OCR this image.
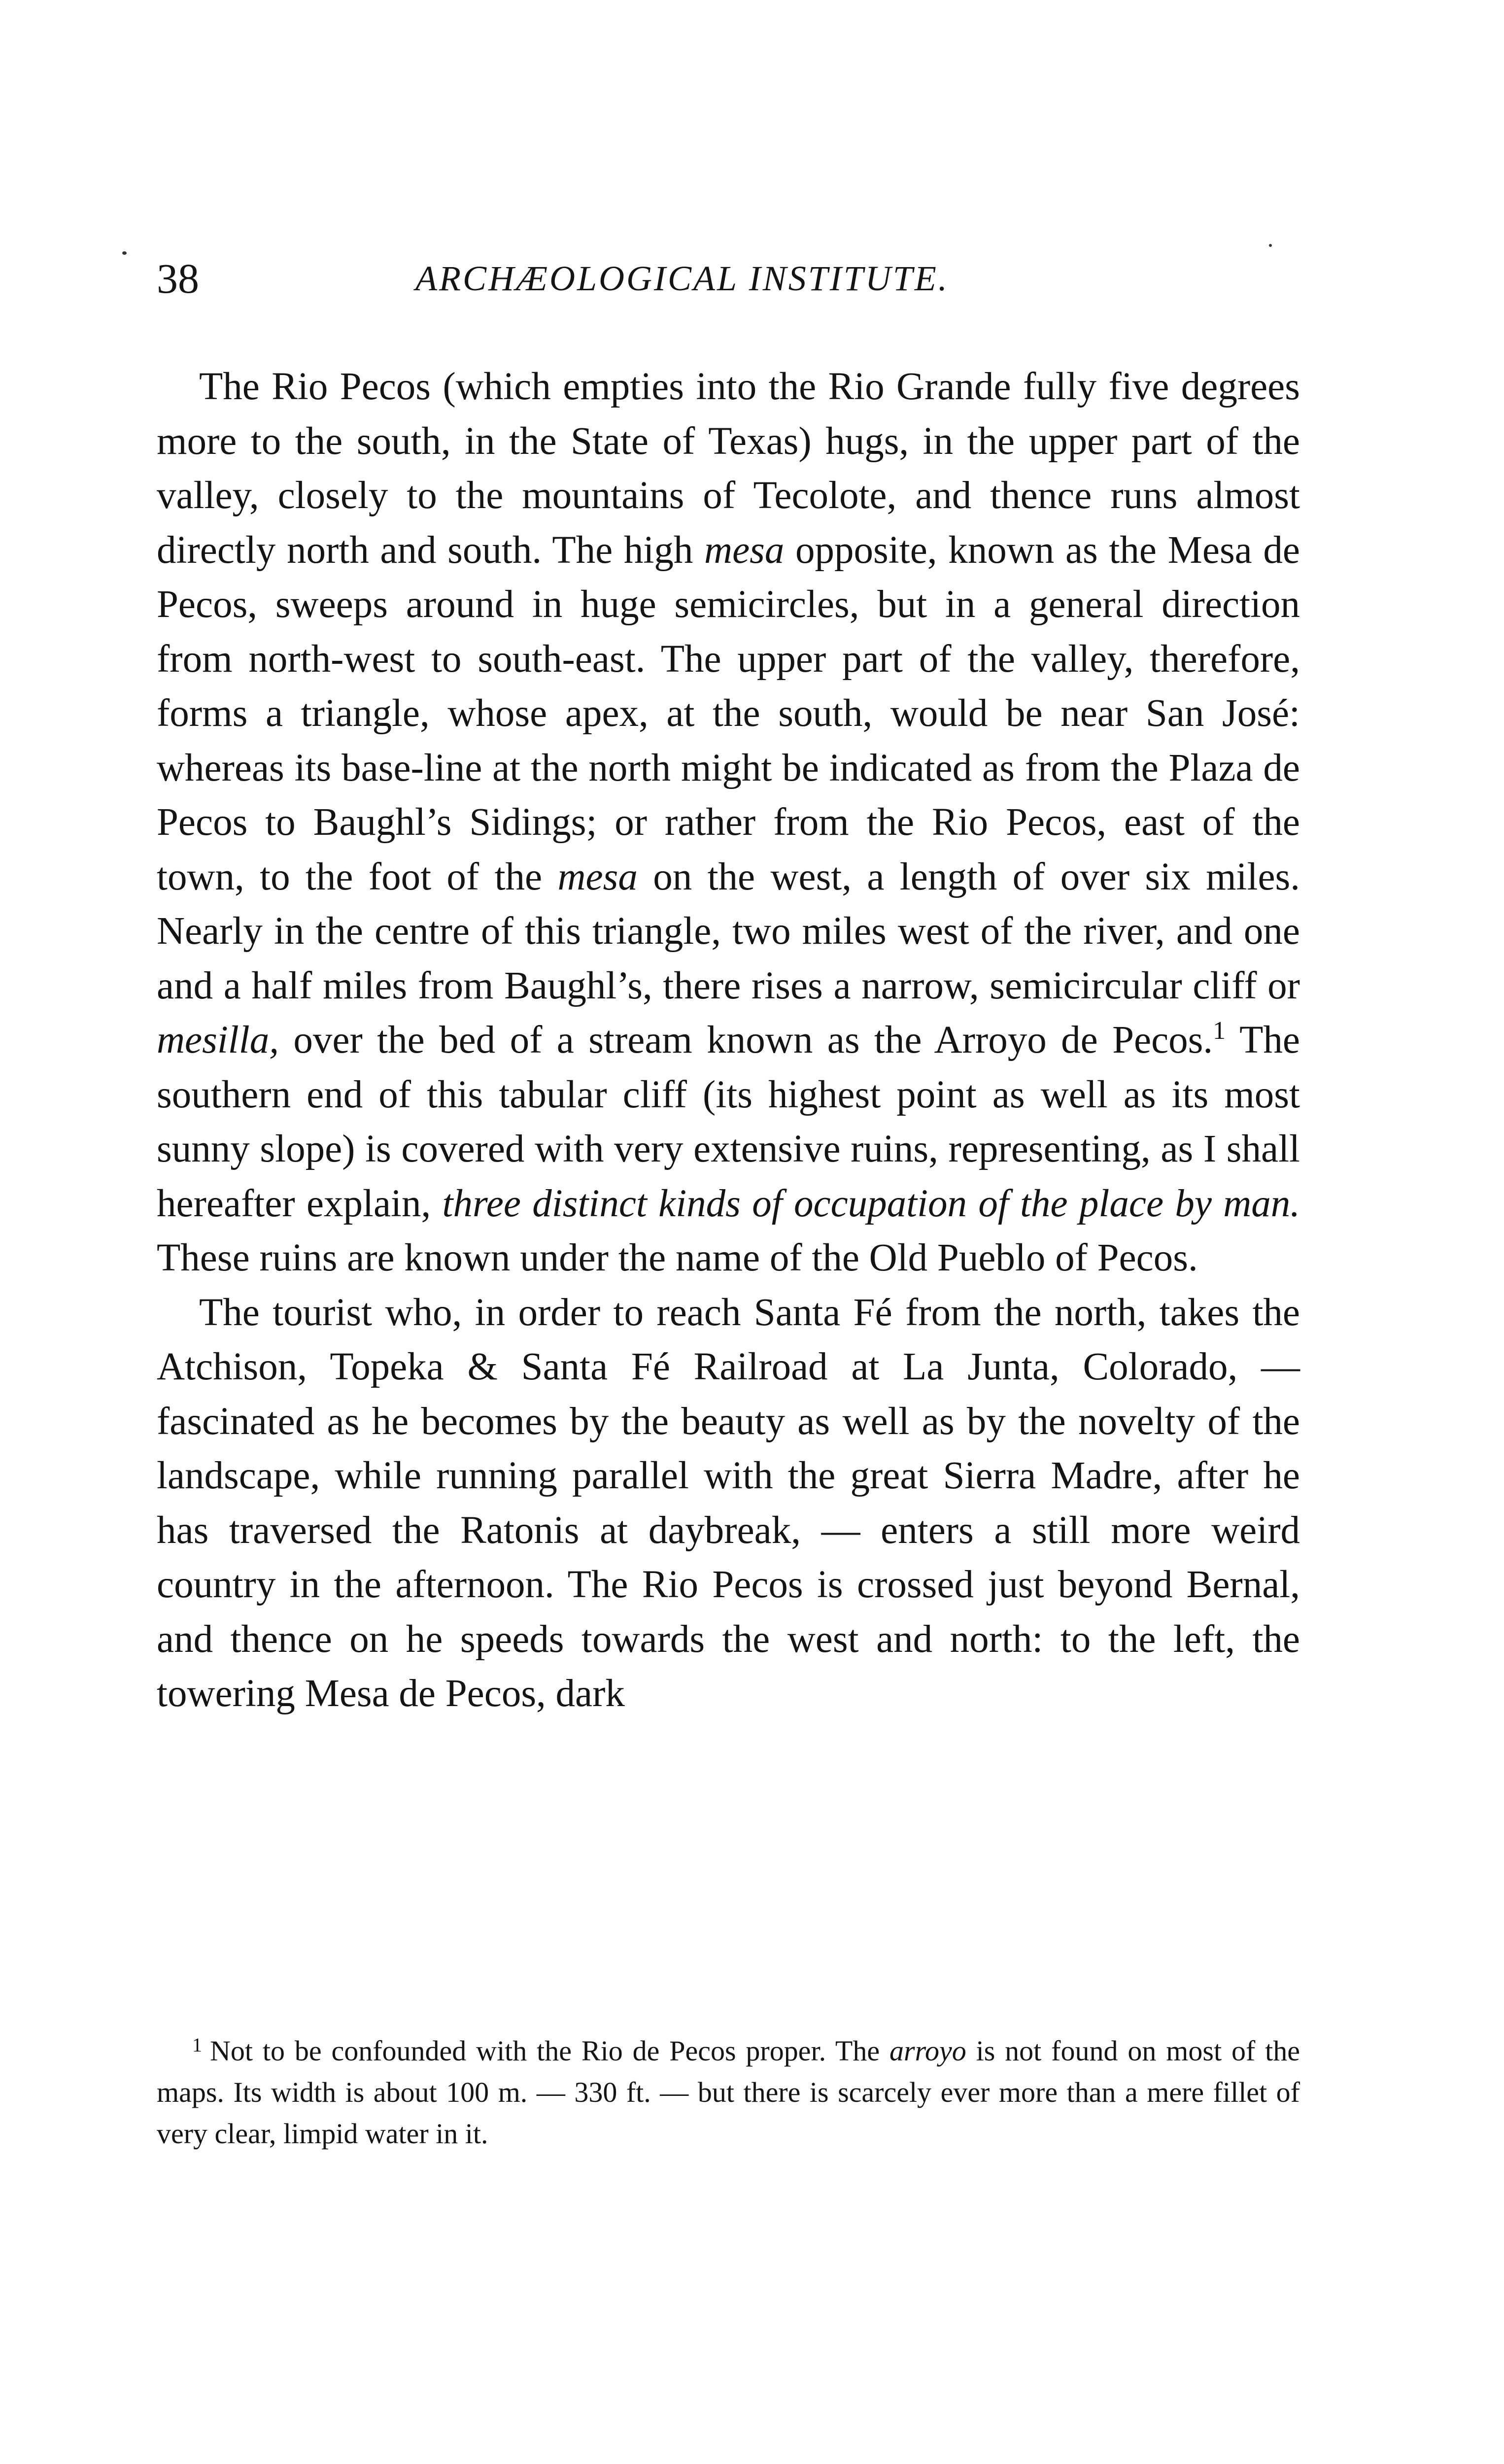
38	ARCHÆOLOGICAL INSTITUTE.

The Rio Pecos (which empties into the Rio Grande fully five degrees more to the south, in the State of Texas) hugs, in the upper part of the valley, closely to the mountains of Tecolote, and thence runs almost directly north and south. The high mesa opposite, known as the Mesa de Pecos, sweeps around in huge semicircles, but in a general direction from north-west to south-east. The upper part of the valley, therefore, forms a triangle, whose apex, at the south, would be near San José: whereas its base-line at the north might be indicated as from the Plaza de Pecos to Baughl’s Sidings; or rather from the Rio Pecos, east of the town, to the foot of the mesa on the west, a length of over six miles. Nearly in the centre of this triangle, two miles west of the river, and one and a half miles from Baughl’s, there rises a narrow, semicircular cliff or mesilla, over the bed of a stream known as the Arroyo de Pecos.$^1$ The southern end of this tabular cliff (its highest point as well as its most sunny slope) is covered with very extensive ruins, representing, as I shall hereafter explain, three distinct kinds of occupation of the place by man. These ruins are known under the name of the Old Pueblo of Pecos.

The tourist who, in order to reach Santa Fé from the north, takes the Atchison, Topeka & Santa Fé Railroad at La Junta, Colorado, — fascinated as he becomes by the beauty as well as by the novelty of the landscape, while running parallel with the great Sierra Madre, after he has traversed the Ratonis at daybreak, — enters a still more weird country in the afternoon. The Rio Pecos is crossed just beyond Bernal, and thence on he speeds towards the west and north: to the left, the towering Mesa de Pecos, dark

$^1$ Not to be confounded with the Rio de Pecos proper. The arroyo is not found on most of the maps. Its width is about 100 m. — 330 ft. — but there is scarcely ever more than a mere fillet of very clear, limpid water in it.
